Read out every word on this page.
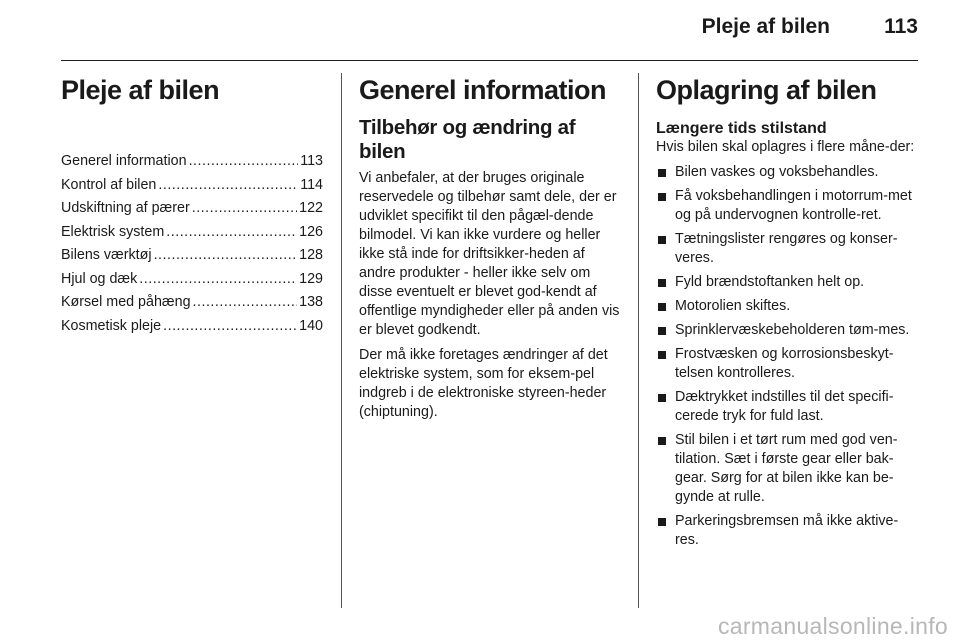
Pleje af bilen	113
Pleje af bilen
Generel information .....	113
Kontrol af bilen .....	114
Udskiftning af pærer .....	122
Elektrisk system .....	126
Bilens værktøj .....	128
Hjul og dæk .....	129
Kørsel med påhæng .....	138
Kosmetisk pleje .....	140
Generel information
Tilbehør og ændring af bilen

Vi anbefaler, at der bruges originale reservedele og tilbehør samt dele, der er udviklet specifikt til den pågæl-dende bilmodel. Vi kan ikke vurdere og heller ikke stå inde for driftsikker-heden af andre produkter - heller ikke selv om disse eventuelt er blevet god-kendt af offentlige myndigheder eller på anden vis er blevet godkendt.

Der må ikke foretages ændringer af det elektriske system, som for eksem-pel indgreb i de elektroniske styreen-heder (chiptuning).

Oplagring af bilen
Længere tids stilstand

Hvis bilen skal oplagres i flere måne-der:

Bilen vaskes og voksbehandles.
Få voksbehandlingen i motorrum-met og på undervognen kontrolle-ret.
Tætningslister rengøres og konser-veres.
Fyld brændstoftanken helt op.
Motorolien skiftes.
Sprinklervæskebeholderen tøm-mes.
Frostvæsken og korrosionsbeskyt-telsen kontrolleres.
Dæktrykket indstilles til det specifi-cerede tryk for fuld last.
Stil bilen i et tørt rum med god ven-tilation. Sæt i første gear eller bak-gear. Sørg for at bilen ikke kan be-gynde at rulle.
Parkeringsbremsen må ikke aktive-res.
carmanualsonline.info
